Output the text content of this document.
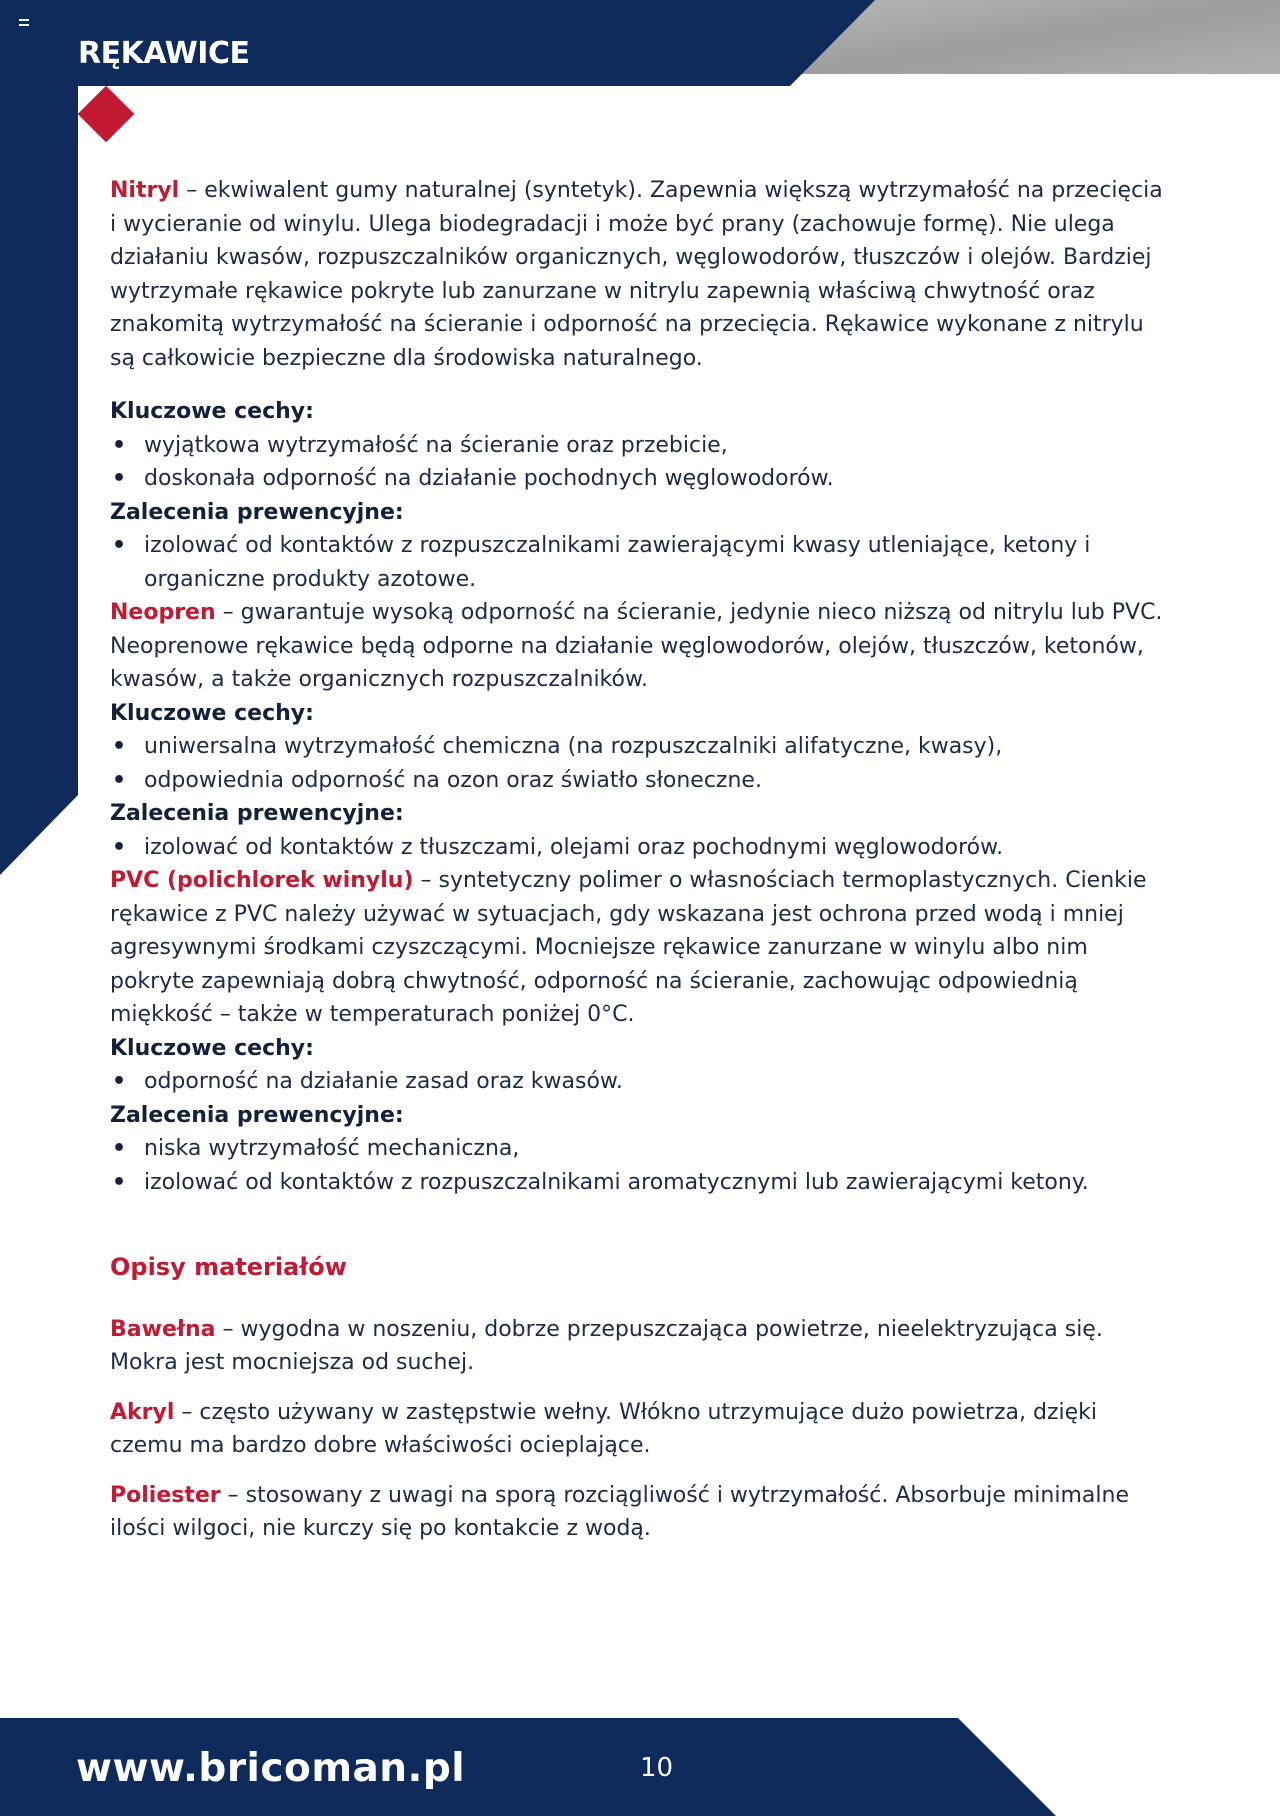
RĘKAWICE

Nitryl – ekwiwalent gumy naturalnej (syntetyk). Zapewnia większą wytrzymałość na przecięcia i wycieranie od winylu. Ulega biodegradacji i może być prany (zachowuje formę). Nie ulega działaniu kwasów, rozpuszczalników organicznych, węglowodorów, tłuszczów i olejów. Bardziej wytrzymałe rękawice pokryte lub zanurzane w nitrylu zapewnią właściwą chwytność oraz znakomitą wytrzymałość na ścieranie i odporność na przecięcia. Rękawice wykonane z nitrylu są całkowicie bezpieczne dla środowiska naturalnego.

Kluczowe cechy:

• wyjątkowa wytrzymałość na ścieranie oraz przebicie,
• doskonała odporność na działanie pochodnych węglowodorów.

Zalecenia prewencyjne:

• izolować od kontaktów z rozpuszczalnikami zawierającymi kwasy utleniające, ketony i organiczne produkty azotowe.

Neopren – gwarantuje wysoką odporność na ścieranie, jedynie nieco niższą od nitrylu lub PVC. Neoprenowe rękawice będą odporne na działanie węglowodorów, olejów, tłuszczów, ketonów, kwasów, a także organicznych rozpuszczalników.

Kluczowe cechy:

• uniwersalna wytrzymałość chemiczna (na rozpuszczalniki alifatyczne, kwasy),
• odpowiednia odporność na ozon oraz światło słoneczne.

Zalecenia prewencyjne:

• izolować od kontaktów z tłuszczami, olejami oraz pochodnymi węglowodorów.

PVC (polichlorek winylu) – syntetyczny polimer o własnościach termoplastycznych. Cienkie rękawice z PVC należy używać w sytuacjach, gdy wskazana jest ochrona przed wodą i mniej agresywnymi środkami czyszczącymi. Mocniejsze rękawice zanurzane w winylu albo nim pokryte zapewniają dobrą chwytność, odporność na ścieranie, zachowując odpowiednią miękkość – także w temperaturach poniżej 0°C.

Kluczowe cechy:

• odporność na działanie zasad oraz kwasów.

Zalecenia prewencyjne:

• niska wytrzymałość mechaniczna,
• izolować od kontaktów z rozpuszczalnikami aromatycznymi lub zawierającymi ketony.
Opisy materiałów

Bawełna – wygodna w noszeniu, dobrze przepuszczająca powietrze, nieelektryzująca się. Mokra jest mocniejsza od suchej.

Akryl – często używany w zastępstwie wełny. Włókno utrzymujące dużo powietrza, dzięki czemu ma bardzo dobre właściwości ocieplające.

Poliester – stosowany z uwagi na sporą rozciągliwość i wytrzymałość. Absorbuje minimalne ilości wilgoci, nie kurczy się po kontakcie z wodą.

www.bricoman.pl	10
